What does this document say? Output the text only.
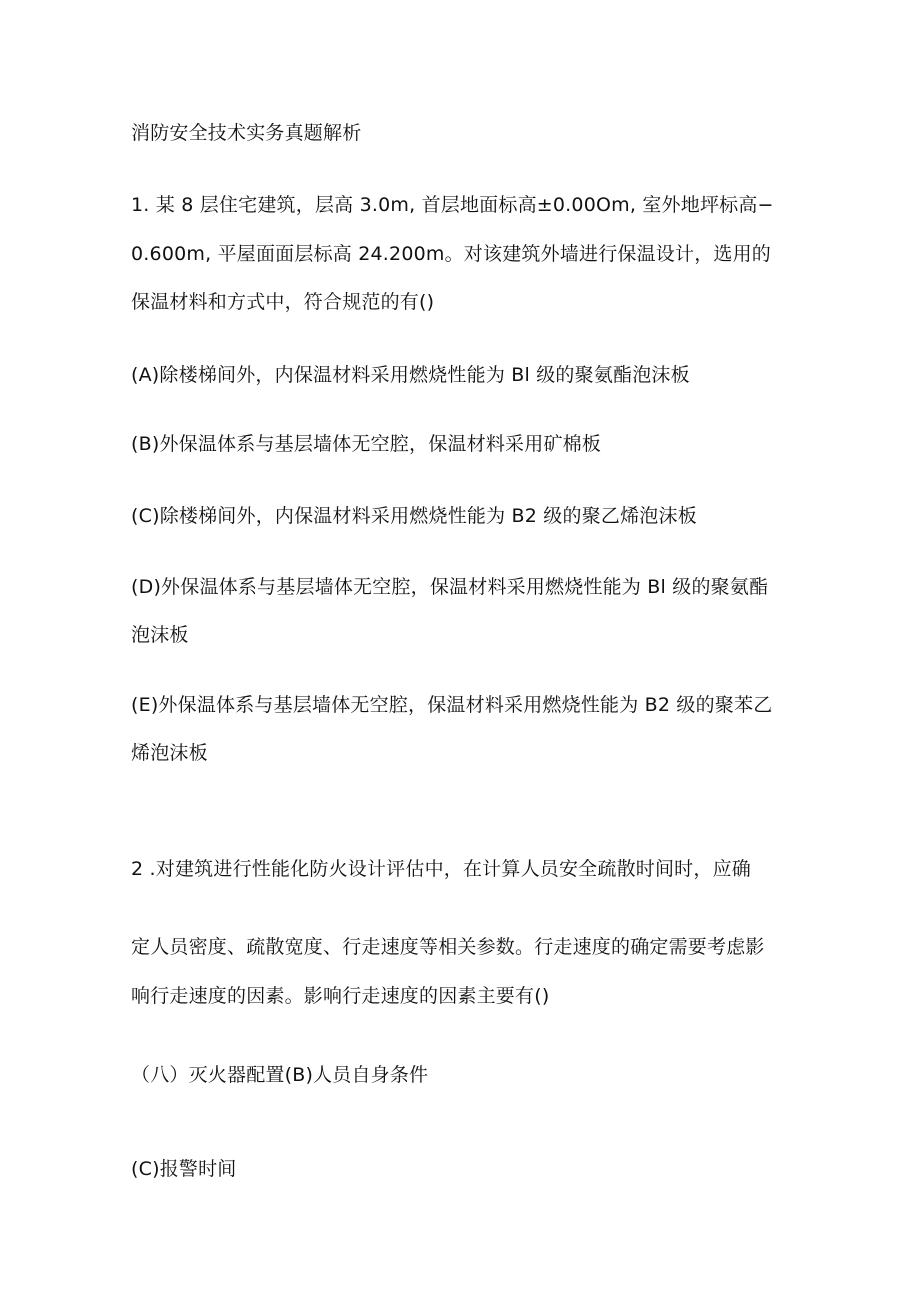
消防安全技术实务真题解析
1. 某 8 层住宅建筑，层高 3.0m, 首层地面标高±0.00Om, 室外地坪标高−
0.600m, 平屋面面层标高 24.200m。对该建筑外墙进行保温设计，选用的
保温材料和方式中，符合规范的有()
(A)除楼梯间外，内保温材料采用燃烧性能为 Bl 级的聚氨酯泡沫板
(B)外保温体系与基层墙体无空腔，保温材料采用矿棉板
(C)除楼梯间外，内保温材料采用燃烧性能为 B2 级的聚乙烯泡沫板
(D)外保温体系与基层墙体无空腔，保温材料采用燃烧性能为 Bl 级的聚氨酯
泡沫板
(E)外保温体系与基层墙体无空腔，保温材料采用燃烧性能为 B2 级的聚苯乙
烯泡沫板
2 .对建筑进行性能化防火设计评估中，在计算人员安全疏散时间时，应确
定人员密度、疏散宽度、行走速度等相关参数。行走速度的确定需要考虑影
响行走速度的因素。影响行走速度的因素主要有()
（八）灭火器配置(B)人员自身条件
(C)报警时间
